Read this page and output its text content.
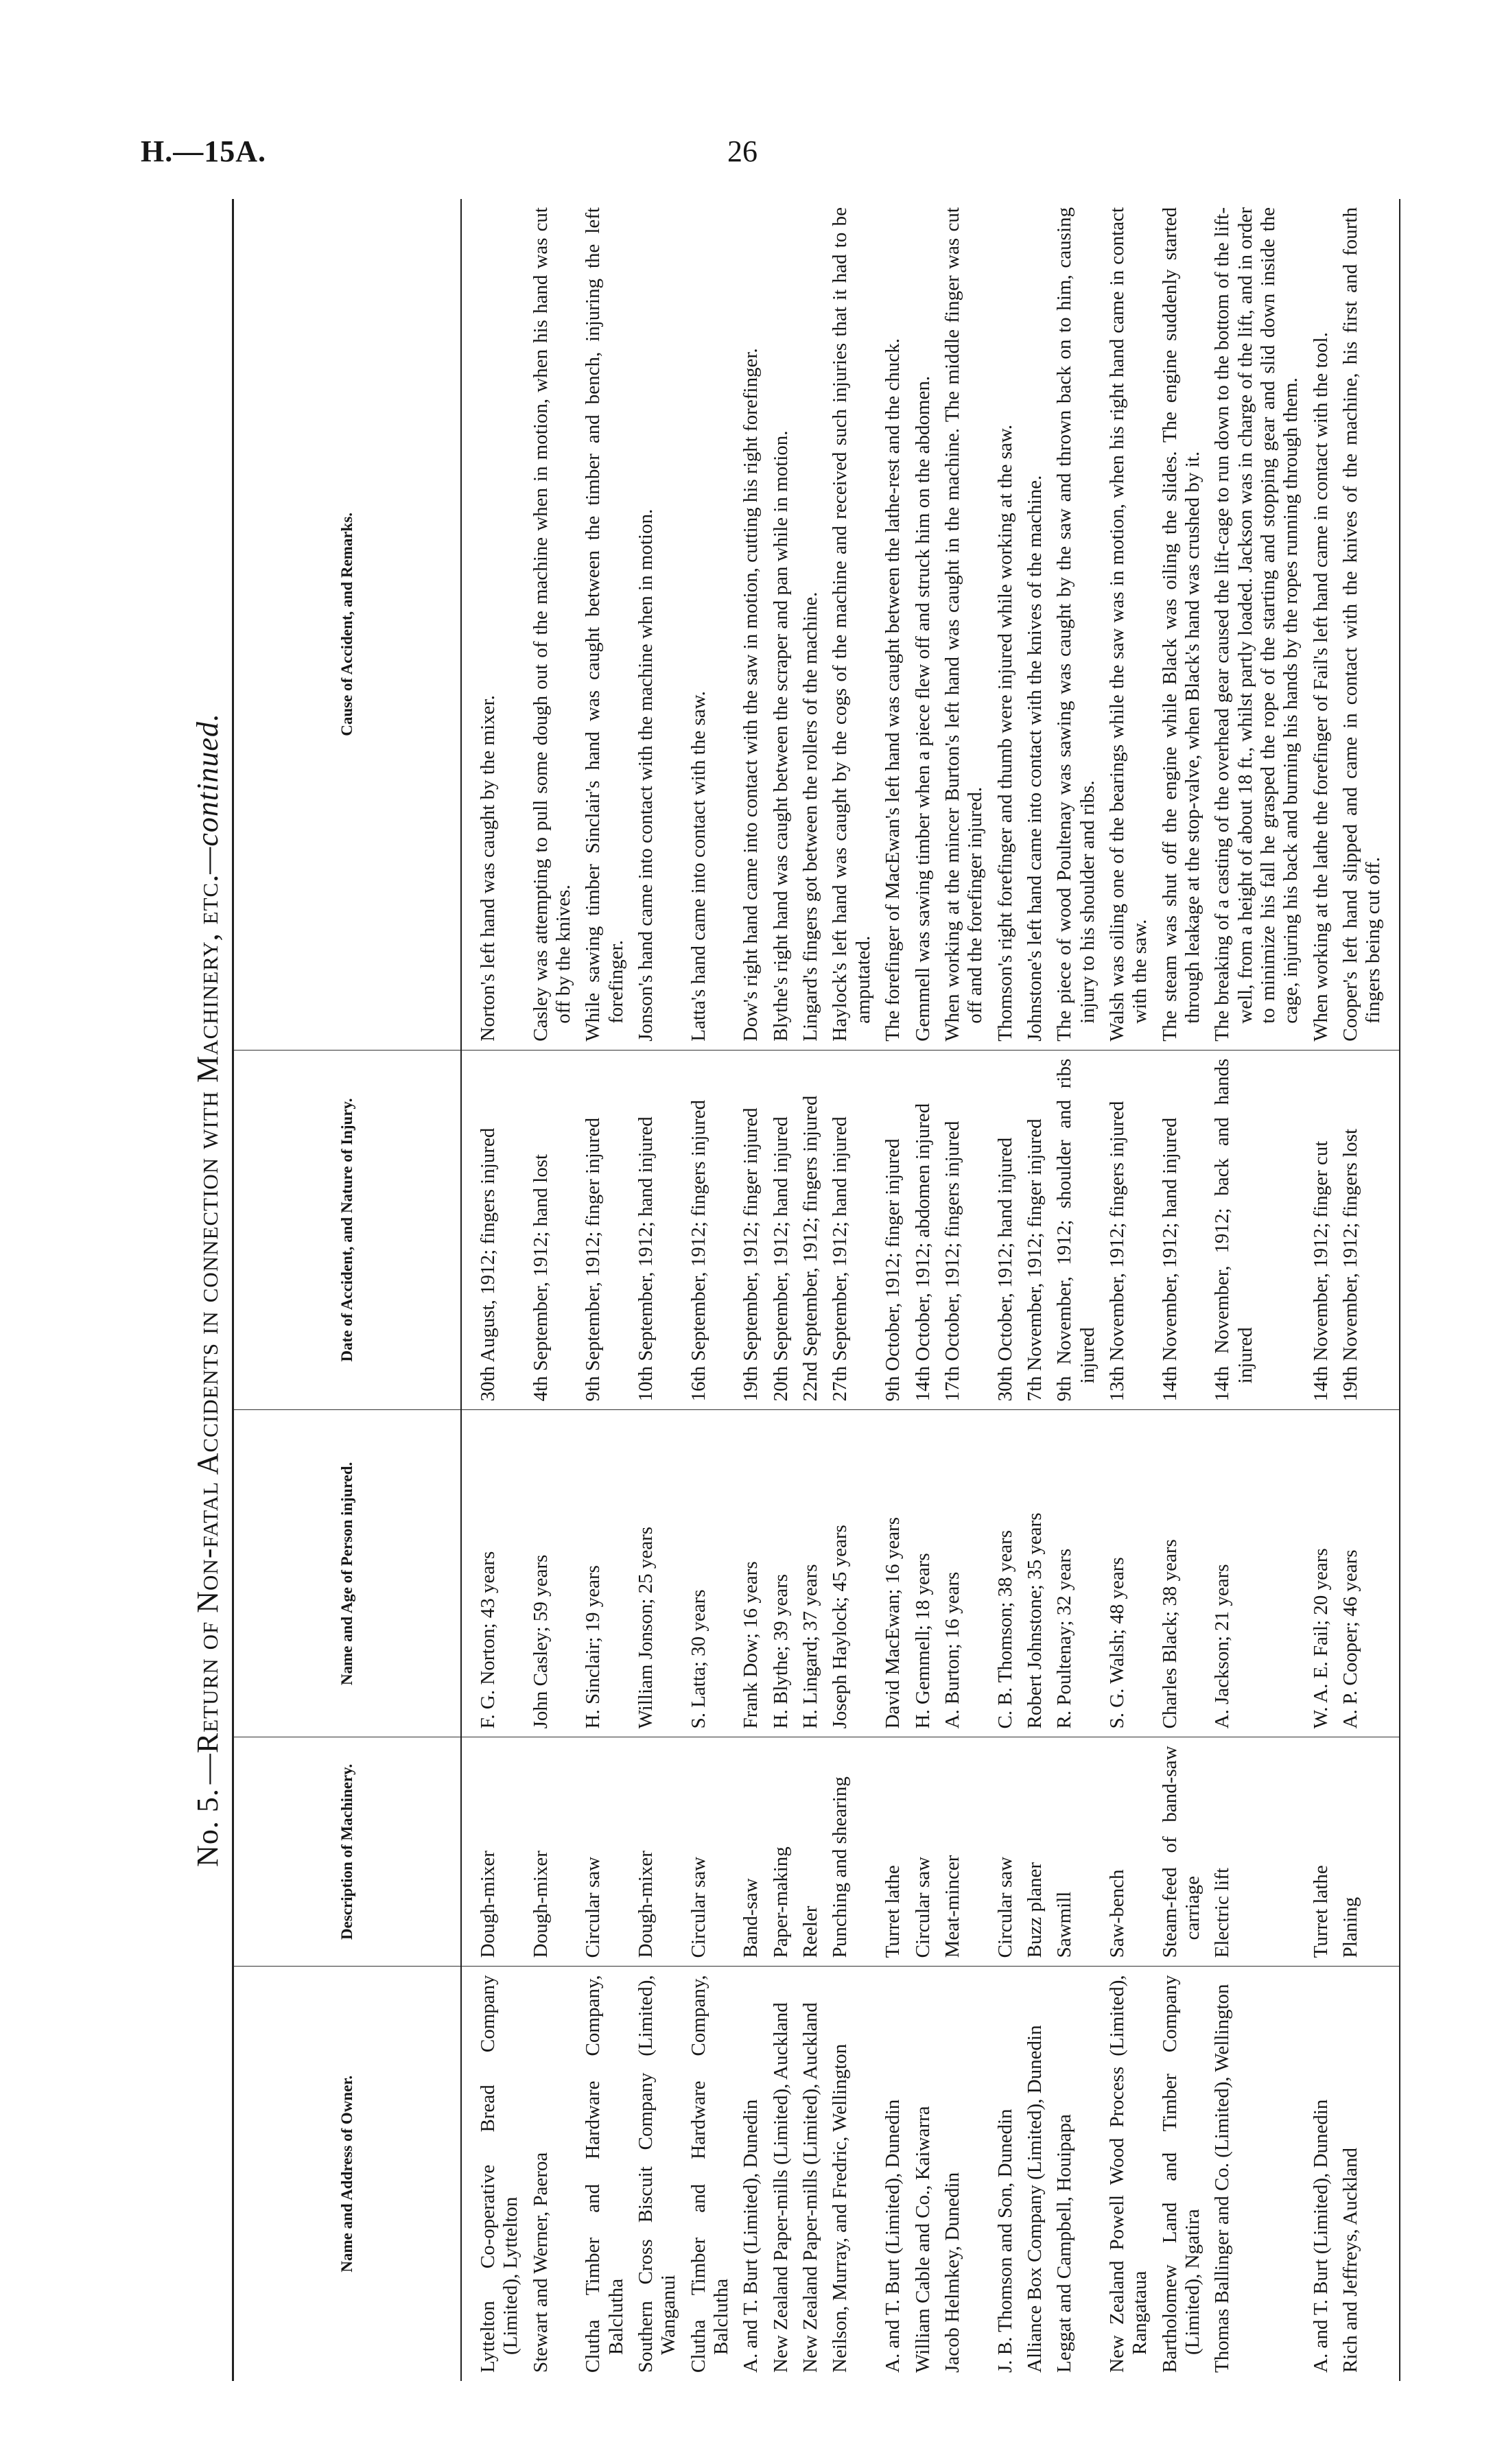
H.—15A.	26
No. 5.—Return of Non-fatal Accidents in connection with Machinery, etc.—continued.
Name and Address of Owner.	Description of Machinery.	Name and Age of Person injured.	Date of Accident, and Nature of Injury.	Cause of Accident, and Remarks.

Lyttelton Co-operative Bread Company (Limited), Lyttelton	Dough-mixer	F. G. Norton; 43 years	30th August, 1912; fingers injured	Norton's left hand was caught by the mixer.

Stewart and Werner, Paeroa	Dough-mixer	John Casley; 59 years	4th September, 1912; hand lost	Casley was attempting to pull some dough out of the machine when in motion, when his hand was cut off by the knives.

Clutha Timber and Hardware Company, Balclutha	Circular saw	H. Sinclair; 19 years	9th September, 1912; finger injured	While sawing timber Sinclair's hand was caught between the timber and bench, injuring the left forefinger.

Southern Cross Biscuit Company (Limited), Wanganui	Dough-mixer	William Jonson; 25 years	10th September, 1912; hand injured	Jonson's hand came into contact with the machine when in motion.

Clutha Timber and Hardware Company, Balclutha	Circular saw	S. Latta; 30 years	16th September, 1912; fingers injured	Latta's hand came into contact with the saw.

A. and T. Burt (Limited), Dunedin	Band-saw	Frank Dow; 16 years	19th September, 1912; finger injured	Dow's right hand came into contact with the saw in motion, cutting his right forefinger.

New Zealand Paper-mills (Limited), Auckland	Paper-making	H. Blythe; 39 years	20th September, 1912; hand injured	Blythe's right hand was caught between the scraper and pan while in motion.

New Zealand Paper-mills (Limited), Auckland	Reeler	H. Lingard; 37 years	22nd September, 1912; fingers injured	Lingard's fingers got between the rollers of the machine.

Neilson, Murray, and Fredric, Wellington	Punching and shearing	Joseph Haylock; 45 years	27th September, 1912; hand injured	Haylock's left hand was caught by the cogs of the machine and received such injuries that it had to be amputated.

A. and T. Burt (Limited), Dunedin	Turret lathe	David MacEwan; 16 years	9th October, 1912; finger injured	The forefinger of MacEwan's left hand was caught between the lathe-rest and the chuck.

William Cable and Co., Kaiwarra	Circular saw	H. Gemmell; 18 years	14th October, 1912; abdomen injured	Gemmell was sawing timber when a piece flew off and struck him on the abdomen.

Jacob Helmkey, Dunedin	Meat-mincer	A. Burton; 16 years	17th October, 1912; fingers injured	When working at the mincer Burton's left hand was caught in the machine. The middle finger was cut off and the forefinger injured.

J. B. Thomson and Son, Dunedin	Circular saw	C. B. Thomson; 38 years	30th October, 1912; hand injured	Thomson's right forefinger and thumb were injured while working at the saw.

Alliance Box Company (Limited), Dunedin	Buzz planer	Robert Johnstone; 35 years	7th November, 1912; finger injured	Johnstone's left hand came into contact with the knives of the machine.

Leggat and Campbell, Houipapa	Sawmill	R. Poultenay; 32 years	9th November, 1912; shoulder and ribs injured	The piece of wood Poultenay was sawing was caught by the saw and thrown back on to him, causing injury to his shoulder and ribs.

New Zealand Powell Wood Process (Limited), Rangataua	Saw-bench	S. G. Walsh; 48 years	13th November, 1912; fingers injured	Walsh was oiling one of the bearings while the saw was in motion, when his right hand came in contact with the saw.

Bartholomew Land and Timber Company (Limited), Ngatira	Steam-feed of band-saw carriage	Charles Black; 38 years	14th November, 1912; hand injured	The steam was shut off the engine while Black was oiling the slides. The engine suddenly started through leakage at the stop-valve, when Black's hand was crushed by it.

Thomas Ballinger and Co. (Limited), Wellington	Electric lift	A. Jackson; 21 years	14th November, 1912; back and hands injured	The breaking of a casting of the overhead gear caused the lift-cage to run down to the bottom of the lift-well, from a height of about 18 ft., whilst partly loaded. Jackson was in charge of the lift, and in order to minimize his fall he grasped the rope of the starting and stopping gear and slid down inside the cage, injuring his back and burning his hands by the ropes running through them.

A. and T. Burt (Limited), Dunedin	Turret lathe	W. A. E. Fail; 20 years	14th November, 1912; finger cut	When working at the lathe the forefinger of Fail's left hand came in contact with the tool.

Rich and Jeffreys, Auckland	Planing	A. P. Cooper; 46 years	19th November, 1912; fingers lost	Cooper's left hand slipped and came in contact with the knives of the machine, his first and fourth fingers being cut off.
